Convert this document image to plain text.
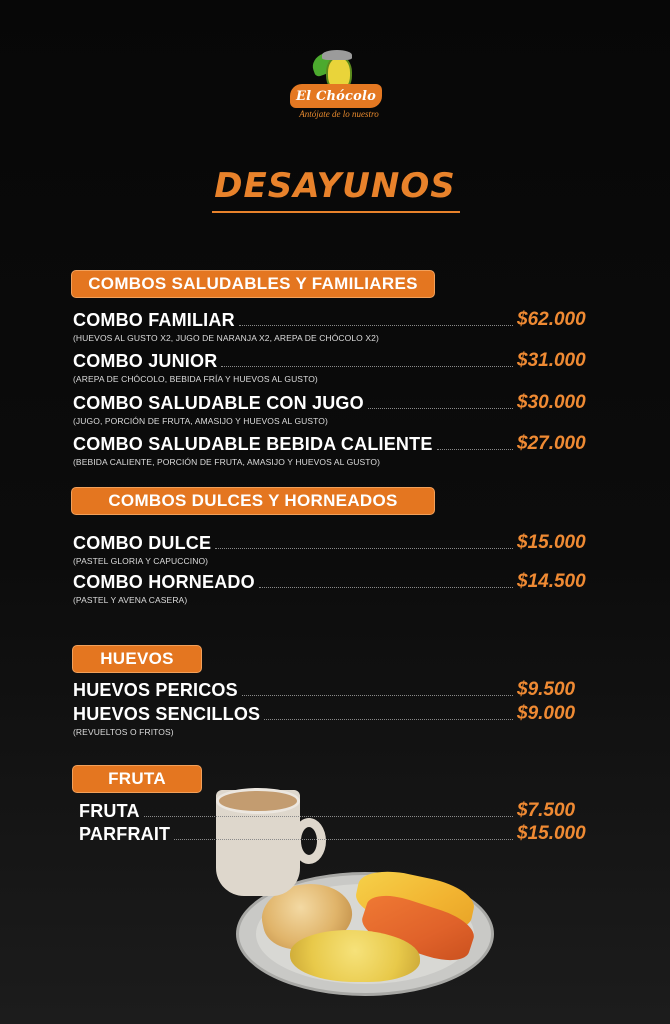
El Chócolo
Antójate de lo nuestro
DESAYUNOS
COMBOS SALUDABLES Y FAMILIARES
COMBO FAMILIAR	$62.000
(HUEVOS AL GUSTO X2, JUGO DE NARANJA X2, AREPA DE CHÓCOLO X2)
COMBO JUNIOR	$31.000
(AREPA DE CHÓCOLO, BEBIDA FRÍA Y HUEVOS AL GUSTO)
COMBO SALUDABLE CON JUGO	$30.000
(JUGO, PORCIÓN DE FRUTA, AMASIJO Y HUEVOS AL GUSTO)
COMBO SALUDABLE BEBIDA CALIENTE	$27.000
(BEBIDA CALIENTE, PORCIÓN DE FRUTA, AMASIJO Y HUEVOS AL GUSTO)
COMBOS DULCES Y HORNEADOS
COMBO DULCE	$15.000
(PASTEL GLORIA Y CAPUCCINO)
COMBO HORNEADO	$14.500
(PASTEL Y AVENA CASERA)
HUEVOS
HUEVOS PERICOS	$9.500
HUEVOS SENCILLOS	$9.000
(REVUELTOS O FRITOS)
FRUTA
FRUTA	$7.500
PARFRAIT	$15.000
